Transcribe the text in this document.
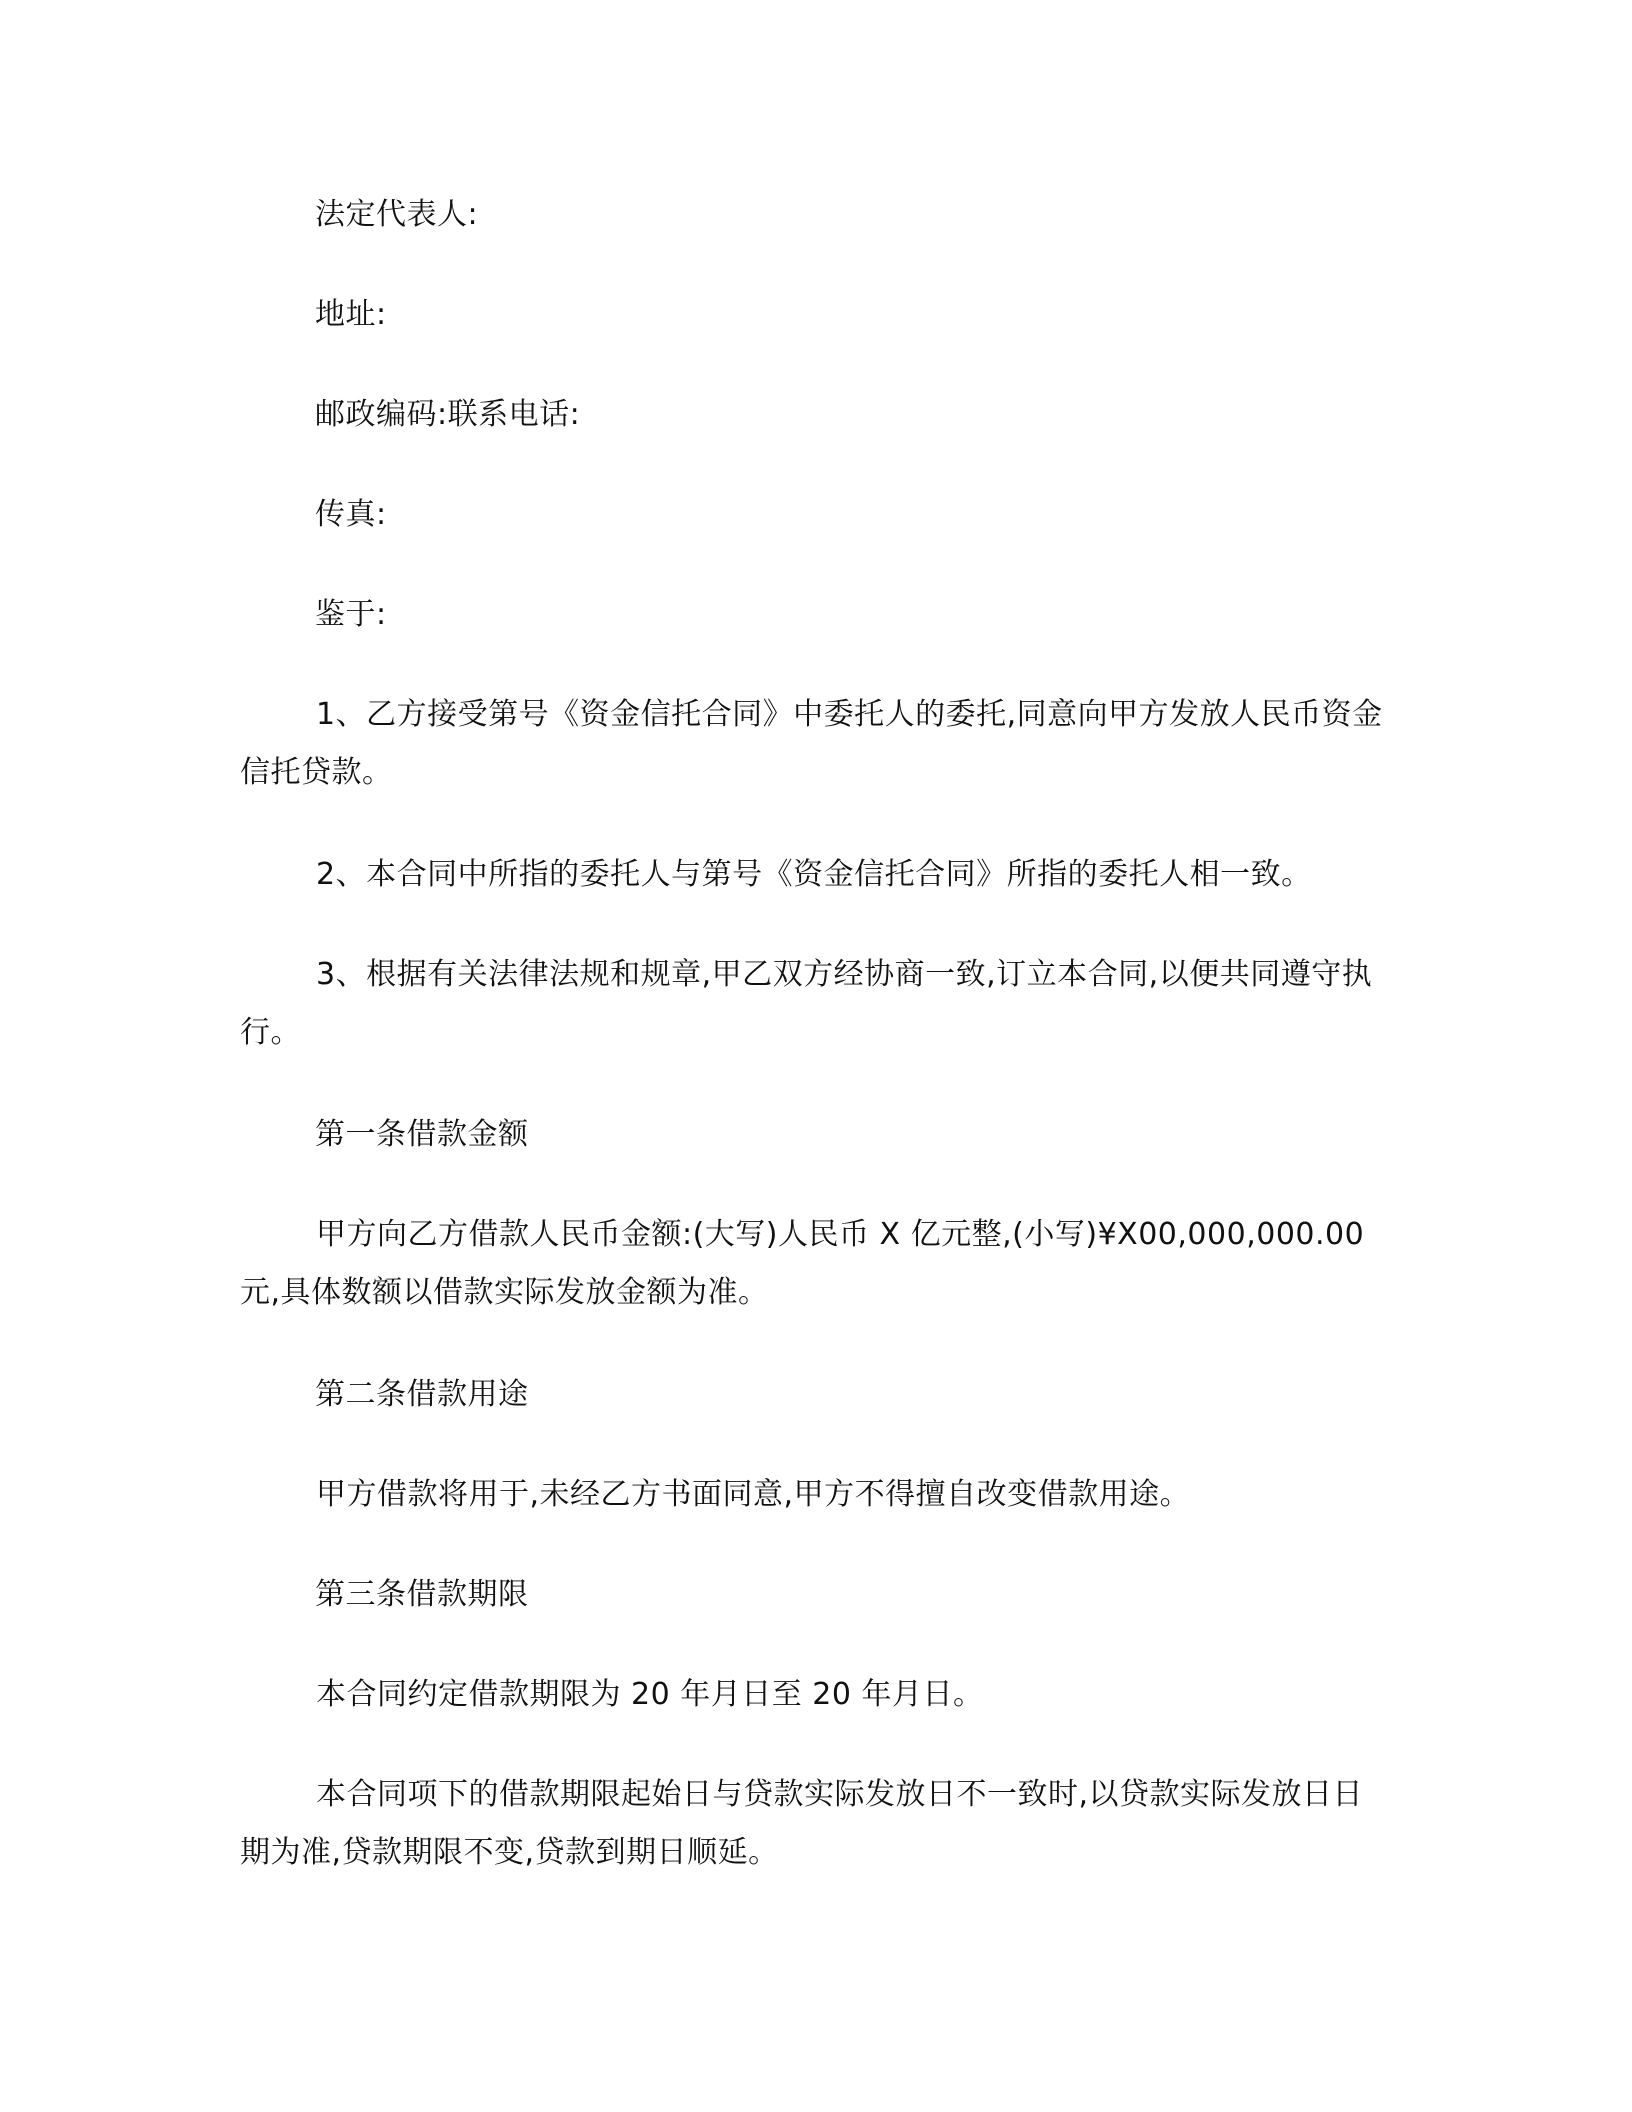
法定代表人:

地址:

邮政编码:联系电话:

传真:

鉴于:

1、乙方接受第号《资金信托合同》中委托人的委托,同意向甲方发放人民币资金信托贷款。

2、本合同中所指的委托人与第号《资金信托合同》所指的委托人相一致。

3、根据有关法律法规和规章,甲乙双方经协商一致,订立本合同,以便共同遵守执行。

第一条借款金额

甲方向乙方借款人民币金额:(大写)人民币 X 亿元整,(小写)¥X00,000,000.00元,具体数额以借款实际发放金额为准。

第二条借款用途

甲方借款将用于,未经乙方书面同意,甲方不得擅自改变借款用途。

第三条借款期限

本合同约定借款期限为 20 年月日至 20 年月日。

本合同项下的借款期限起始日与贷款实际发放日不一致时,以贷款实际发放日日期为准,贷款期限不变,贷款到期日顺延。
